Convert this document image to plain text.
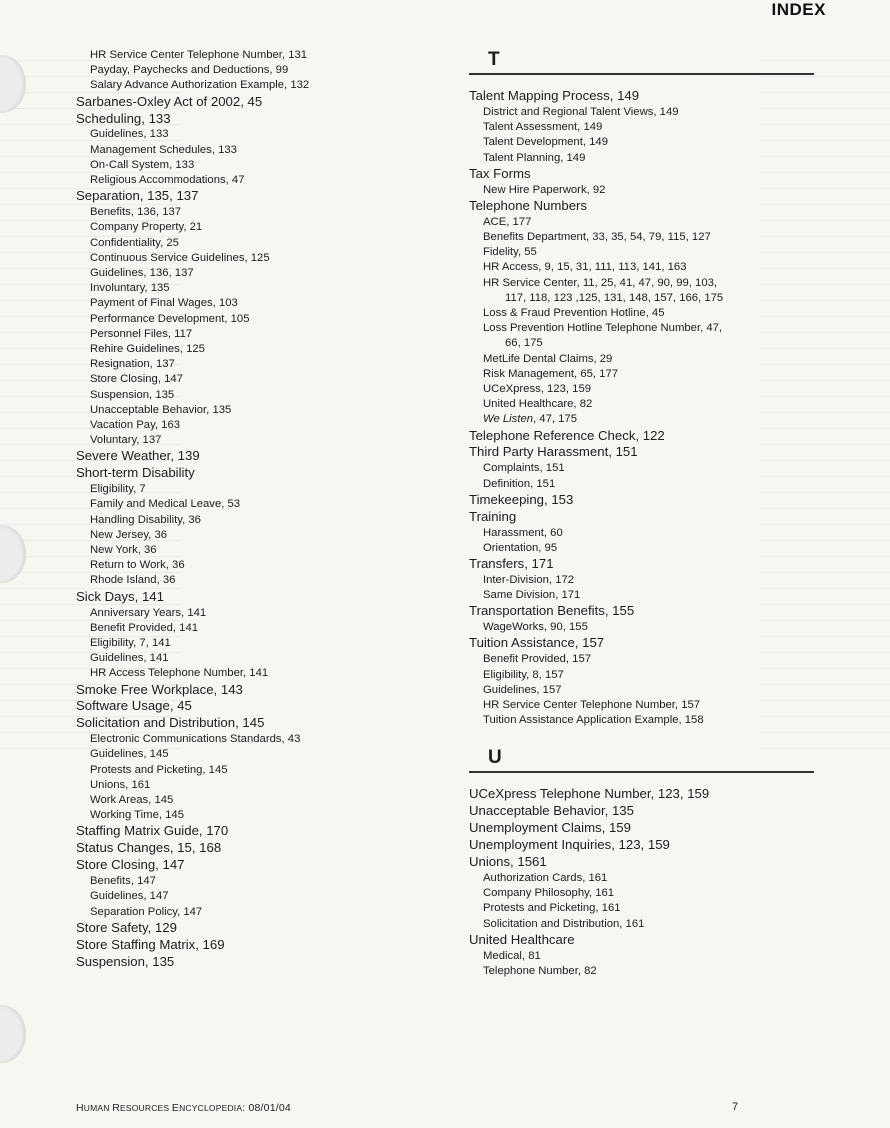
INDEX
HR Service Center Telephone Number, 131
Payday, Paychecks and Deductions, 99
Salary Advance Authorization Example, 132
Sarbanes-Oxley Act of 2002, 45
Scheduling, 133
Guidelines, 133
Management Schedules, 133
On-Call System, 133
Religious Accommodations, 47
Separation, 135, 137
Benefits, 136, 137
Company Property, 21
Confidentiality, 25
Continuous Service Guidelines, 125
Guidelines, 136, 137
Involuntary, 135
Payment of Final Wages, 103
Performance Development, 105
Personnel Files, 117
Rehire Guidelines, 125
Resignation, 137
Store Closing, 147
Suspension, 135
Unacceptable Behavior, 135
Vacation Pay, 163
Voluntary, 137
Severe Weather, 139
Short-term Disability
Eligibility, 7
Family and Medical Leave, 53
Handling Disability, 36
New Jersey, 36
New York, 36
Return to Work, 36
Rhode Island, 36
Sick Days, 141
Anniversary Years, 141
Benefit Provided, 141
Eligibility, 7, 141
Guidelines, 141
HR Access Telephone Number, 141
Smoke Free Workplace, 143
Software Usage, 45
Solicitation and Distribution, 145
Electronic Communications Standards, 43
Guidelines, 145
Protests and Picketing, 145
Unions, 161
Work Areas, 145
Working Time, 145
Staffing Matrix Guide, 170
Status Changes, 15, 168
Store Closing, 147
Benefits, 147
Guidelines, 147
Separation Policy, 147
Store Safety, 129
Store Staffing Matrix, 169
Suspension, 135
T
Talent Mapping Process, 149
District and Regional Talent Views, 149
Talent Assessment, 149
Talent Development, 149
Talent Planning, 149
Tax Forms
New Hire Paperwork, 92
Telephone Numbers
ACE, 177
Benefits Department, 33, 35, 54, 79, 115, 127
Fidelity, 55
HR Access, 9, 15, 31, 111, 113, 141, 163
HR Service Center, 11, 25, 41, 47, 90, 99, 103,
117, 118, 123 ,125, 131, 148, 157, 166, 175
Loss & Fraud Prevention Hotline, 45
Loss Prevention Hotline Telephone Number, 47,
66, 175
MetLife Dental Claims, 29
Risk Management, 65, 177
UCeXpress, 123, 159
United Healthcare, 82
We Listen, 47, 175
Telephone Reference Check, 122
Third Party Harassment, 151
Complaints, 151
Definition, 151
Timekeeping, 153
Training
Harassment, 60
Orientation, 95
Transfers, 171
Inter-Division, 172
Same Division, 171
Transportation Benefits, 155
WageWorks, 90, 155
Tuition Assistance, 157
Benefit Provided, 157
Eligibility, 8, 157
Guidelines, 157
HR Service Center Telephone Number, 157
Tuition Assistance Application Example, 158
U
UCeXpress Telephone Number, 123, 159
Unacceptable Behavior, 135
Unemployment Claims, 159
Unemployment Inquiries, 123, 159
Unions, 1561
Authorization Cards, 161
Company Philosophy, 161
Protests and Picketing, 161
Solicitation and Distribution, 161
United Healthcare
Medical, 81
Telephone Number, 82
HUMAN RESOURCES ENCYCLOPEDIA: 08/01/04	7
